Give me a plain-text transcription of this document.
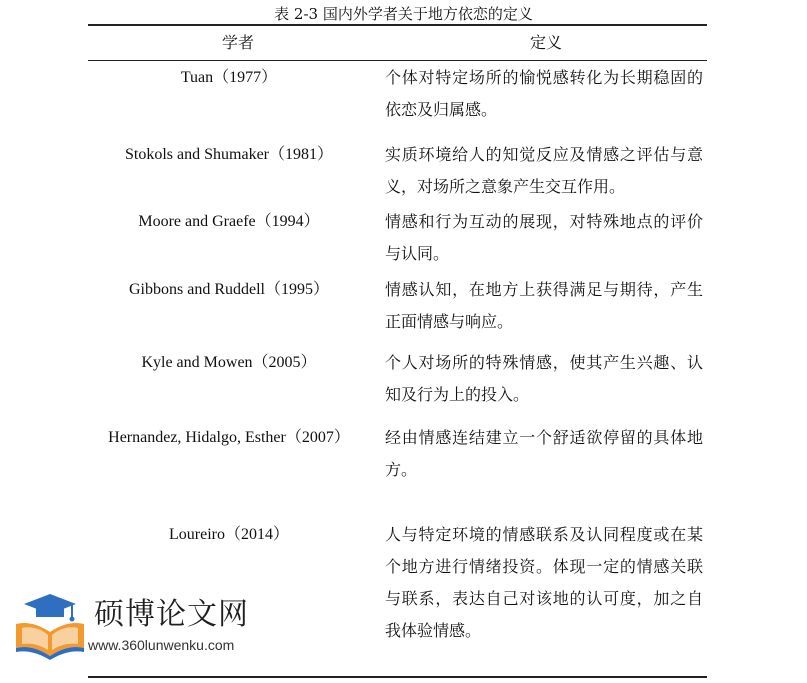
表 2-3 国内外学者关于地方依恋的定义
学者	定义
Tuan（1977）	个体对特定场所的愉悦感转化为长期稳固的依恋及归属感。
Stokols and Shumaker（1981）	实质环境给人的知觉反应及情感之评估与意义，对场所之意象产生交互作用。
Moore and Graefe（1994）	情感和行为互动的展现，对特殊地点的评价与认同。
Gibbons and Ruddell（1995）	情感认知，在地方上获得满足与期待，产生正面情感与响应。
Kyle and Mowen（2005）	个人对场所的特殊情感，使其产生兴趣、认知及行为上的投入。
Hernandez, Hidalgo, Esther（2007）	经由情感连结建立一个舒适欲停留的具体地方。
Loureiro（2014）	人与特定环境的情感联系及认同程度或在某个地方进行情绪投资。体现一定的情感关联与联系，表达自己对该地的认可度，加之自我体验情感。
硕博论文网
www.360lunwenku.com
